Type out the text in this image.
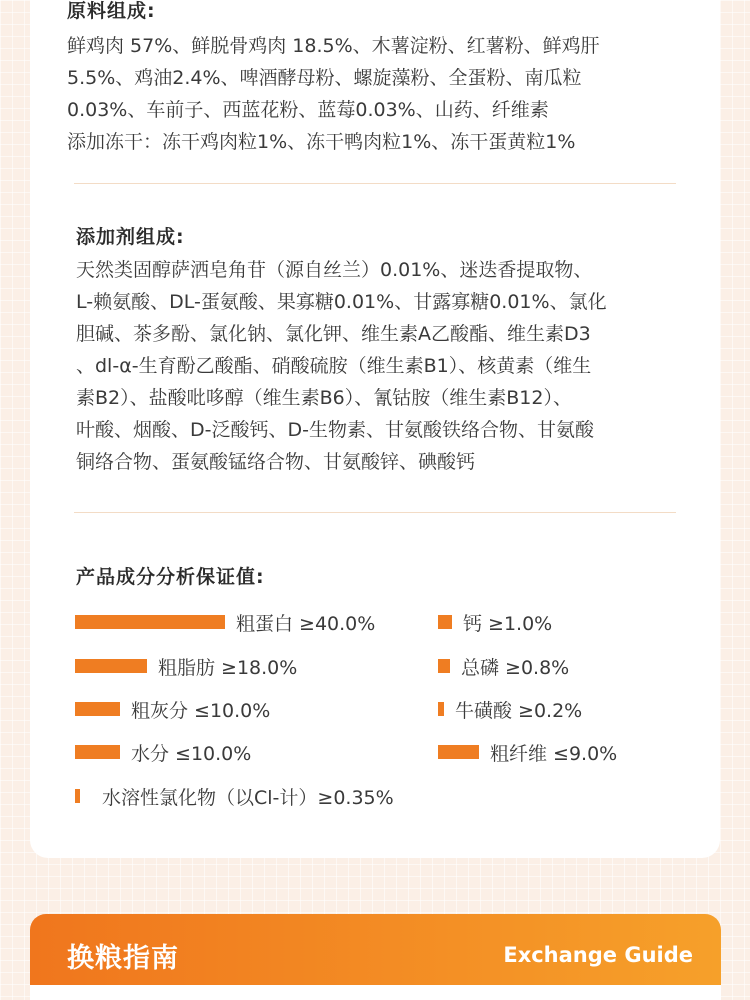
原料组成:

鲜鸡肉 57%、鲜脱骨鸡肉 18.5%、木薯淀粉、红薯粉、鲜鸡肝

5.5%、鸡油2.4%、啤酒酵母粉、螺旋藻粉、全蛋粉、南瓜粒

0.03%、车前子、西蓝花粉、蓝莓0.03%、山药、纤维素

添加冻干：冻干鸡肉粒1%、冻干鸭肉粒1%、冻干蛋黄粒1%

添加剂组成:

天然类固醇萨洒皂角苷（源自丝兰）0.01%、迷迭香提取物、

L-赖氨酸、DL-蛋氨酸、果寡糖0.01%、甘露寡糖0.01%、氯化

胆碱、茶多酚、氯化钠、氯化钾、维生素A乙酸酯、维生素D3

、dl-α-生育酚乙酸酯、硝酸硫胺（维生素B1）、核黄素（维生

素B2）、盐酸吡哆醇（维生素B6）、氰钴胺（维生素B12）、

叶酸、烟酸、D-泛酸钙、D-生物素、甘氨酸铁络合物、甘氨酸

铜络合物、蛋氨酸锰络合物、甘氨酸锌、碘酸钙

产品成分分析保证值:
粗蛋白 ≥40.0%	钙 ≥1.0%
粗脂肪 ≥18.0%	总磷 ≥0.8%
粗灰分 ≤10.0%	牛磺酸 ≥0.2%
水分 ≤10.0%	粗纤维 ≤9.0%
水溶性氯化物（以Cl-计）≥0.35%
换粮指南	Exchange Guide
